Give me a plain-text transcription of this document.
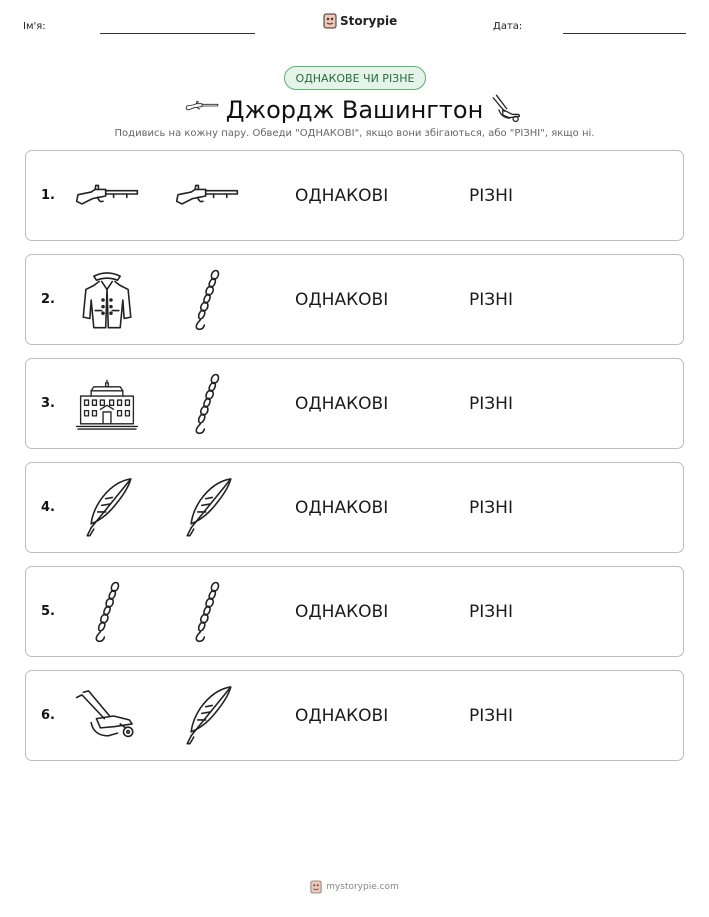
Ім'я:	Storypie	Дата:
ОДНАКОВЕ ЧИ РІЗНЕ
Джордж Вашингтон
Подивись на кожну пару. Обведи "ОДНАКОВІ", якщо вони збігаються, або "РІЗНІ", якщо ні.
1.	ОДНАКОВІ	РІЗНІ
2.	ОДНАКОВІ	РІЗНІ
3.	ОДНАКОВІ	РІЗНІ
4.	ОДНАКОВІ	РІЗНІ
5.	ОДНАКОВІ	РІЗНІ
6.	ОДНАКОВІ	РІЗНІ
mystorypie.com
